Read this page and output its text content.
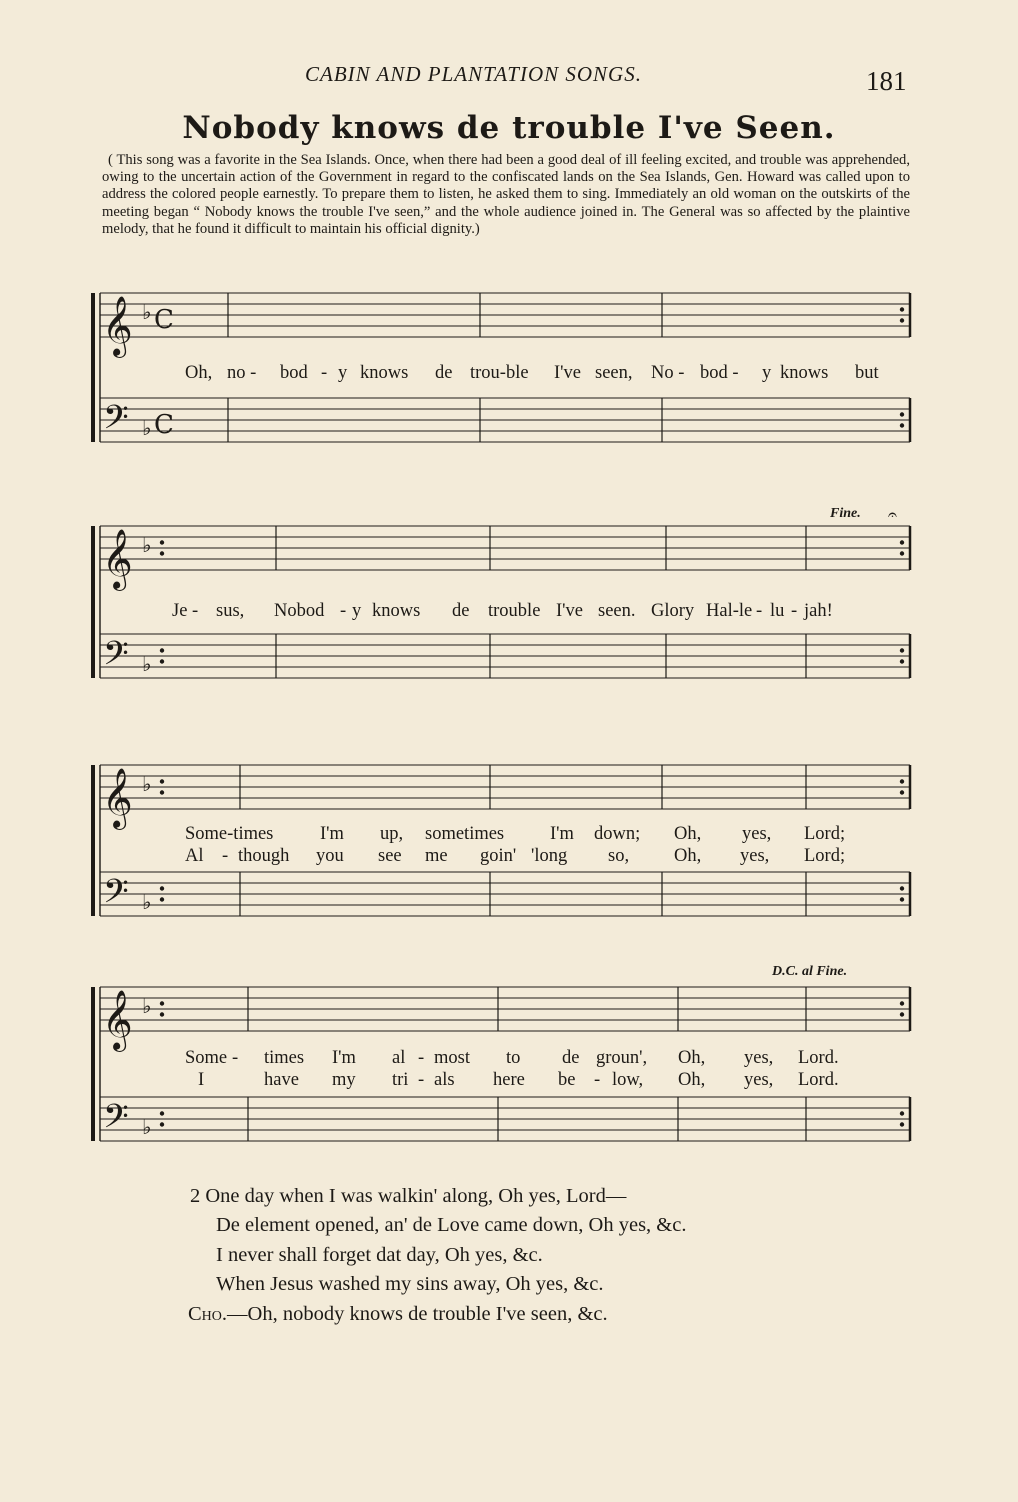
CABIN AND PLANTATION SONGS.	181
Nobody knows de trouble I've Seen.

( This song was a favorite in the Sea Islands. Once, when there had been a good deal of ill feeling excited, and trouble was apprehended, owing to the uncertain action of the Government in regard to the confiscated lands on the Sea Islands, Gen. Howard was called upon to address the colored people earnestly. To prepare them to listen, he asked them to sing. Immediately an old woman on the outskirts of the meeting began “ Nobody knows the trouble I've seen,” and the whole audience joined in. The General was so affected by the plaintive melody, that he found it difficult to maintain his official dignity.)

𝄞 ♭ C
𝄢 ♭ C
Oh, no - bod - y knows de trou-ble I've seen, No - bod - y knows but
Fine.
𝄞 ♭
𝄢 ♭
𝄐
Je - sus, Nobod - y knows de trouble I've seen. Glory Hal-le - lu - jah!
𝄞 ♭
𝄢 ♭
Some-times	I'm up, sometimes I'm down; Oh, yes, Lord;
Al - though you see me goin' 'long so, Oh, yes, Lord;
D.C. al Fine.
𝄞 ♭
𝄢 ♭
Some - times I'm al - most to de groun', Oh, yes, Lord.
I	have my tri - als here be - low, Oh, yes, Lord.
2 One day when I was walkin' along, Oh yes, Lord—
De element opened, an' de Love came down, Oh yes, &c.
I never shall forget dat day, Oh yes, &c.
When Jesus washed my sins away, Oh yes, &c.
Cho.—Oh, nobody knows de trouble I've seen, &c.
